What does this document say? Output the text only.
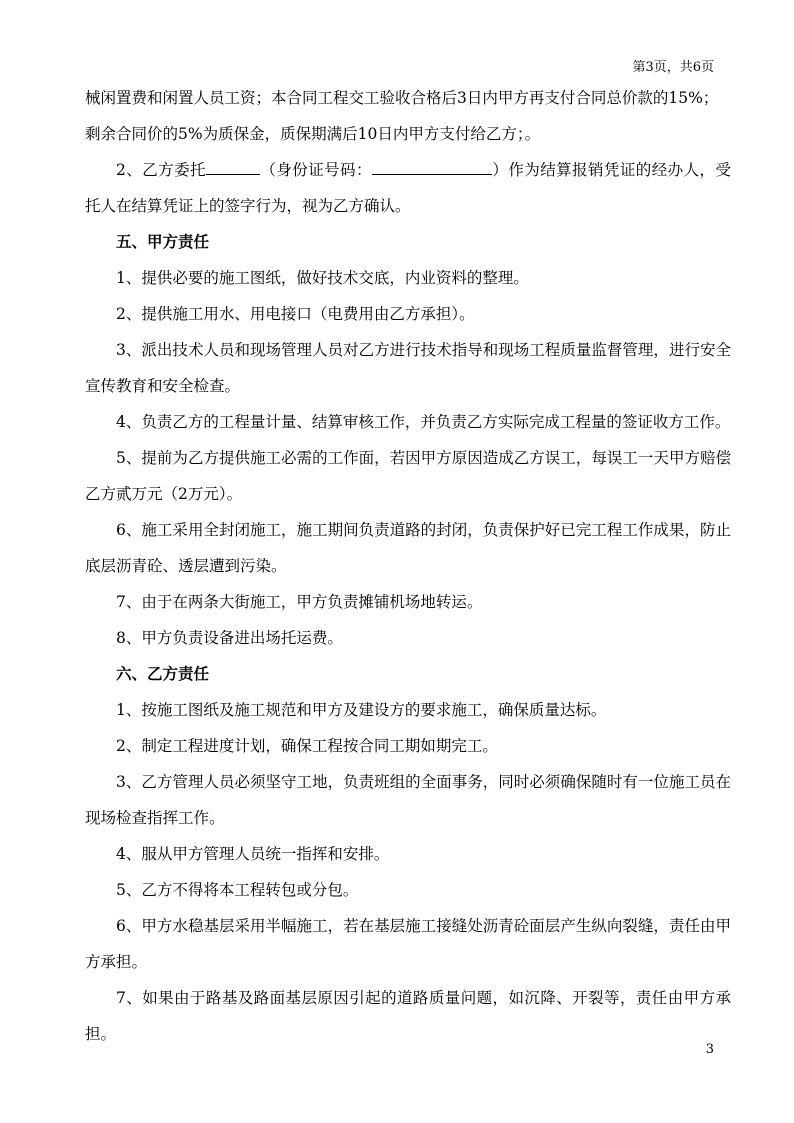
第3页，共6页

械闲置费和闲置人员工资；本合同工程交工验收合格后3日内甲方再支付合同总价款的15%；

剩余合同价的5%为质保金，质保期满后10日内甲方支付给乙方；。

2、乙方委托	（身份证号码：	）作为结算报销凭证的经办人，受托人在结算凭证上的签字行为，视为乙方确认。

五、甲方责任

1、提供必要的施工图纸，做好技术交底，内业资料的整理。

2、提供施工用水、用电接口（电费用由乙方承担）。

3、派出技术人员和现场管理人员对乙方进行技术指导和现场工程质量监督管理，进行安全宣传教育和安全检查。

4、负责乙方的工程量计量、结算审核工作，并负责乙方实际完成工程量的签证收方工作。

5、提前为乙方提供施工必需的工作面，若因甲方原因造成乙方误工，每误工一天甲方赔偿乙方贰万元（2万元）。

6、施工采用全封闭施工，施工期间负责道路的封闭，负责保护好已完工程工作成果，防止底层沥青砼、透层遭到污染。

7、由于在两条大街施工，甲方负责摊铺机场地转运。

8、甲方负责设备进出场托运费。

六、乙方责任

1、按施工图纸及施工规范和甲方及建设方的要求施工，确保质量达标。

2、制定工程进度计划，确保工程按合同工期如期完工。

3、乙方管理人员必须坚守工地，负责班组的全面事务，同时必须确保随时有一位施工员在现场检查指挥工作。

4、服从甲方管理人员统一指挥和安排。

5、乙方不得将本工程转包或分包。

6、甲方水稳基层采用半幅施工，若在基层施工接缝处沥青砼面层产生纵向裂缝，责任由甲方承担。

7、如果由于路基及路面基层原因引起的道路质量问题，如沉降、开裂等，责任由甲方承担。

3
